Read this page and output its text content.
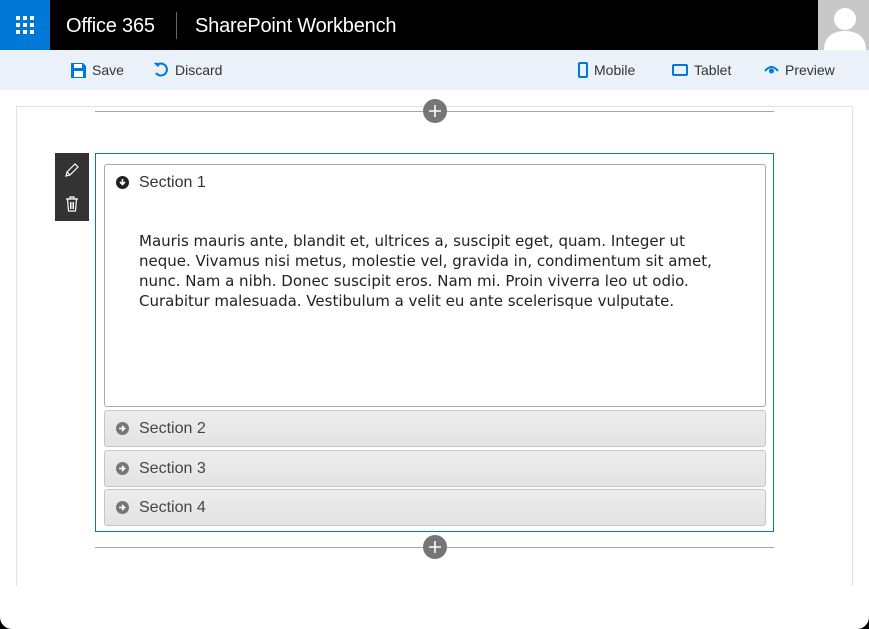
Office 365 SharePoint Workbench
Save	Discard	Mobile	Tablet	Preview
Section 1

Mauris mauris ante, blandit et, ultrices a, suscipit eget, quam. Integer ut neque. Vivamus nisi metus, molestie vel, gravida in, condimentum sit amet, nunc. Nam a nibh. Donec suscipit eros. Nam mi. Proin viverra leo ut odio. Curabitur malesuada. Vestibulum a velit eu ante scelerisque vulputate.

Section 2
Section 3
Section 4
